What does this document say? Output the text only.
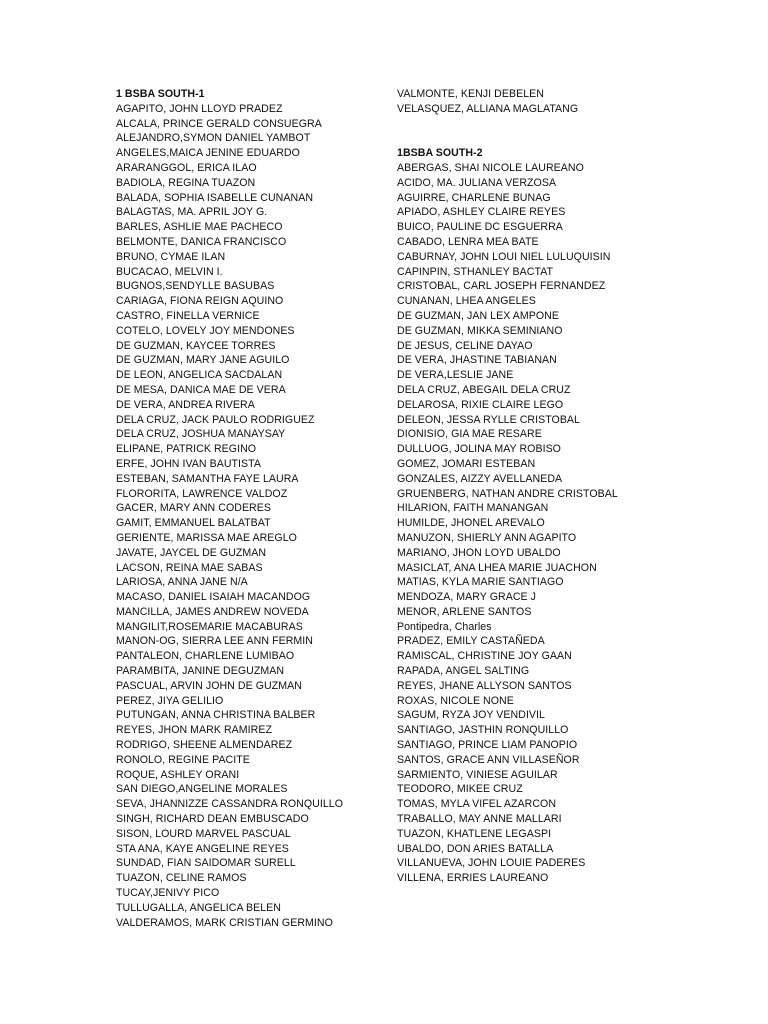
1 BSBA SOUTH-1
AGAPITO, JOHN LLOYD PRADEZ
ALCALA, PRINCE GERALD CONSUEGRA
ALEJANDRO,SYMON DANIEL YAMBOT
ANGELES,MAICA JENINE EDUARDO
ARARANGGOL, ERICA ILAO
BADIOLA, REGINA TUAZON
BALADA, SOPHIA ISABELLE CUNANAN
BALAGTAS, MA. APRIL JOY G.
BARLES, ASHLIE MAE PACHECO
BELMONTE, DANICA FRANCISCO
BRUNO, CYMAE ILAN
BUCACAO, MELVIN I.
BUGNOS,SENDYLLE BASUBAS
CARIAGA, FIONA REIGN AQUINO
CASTRO, FINELLA VERNICE
COTELO, LOVELY JOY MENDONES
DE GUZMAN, KAYCEE TORRES
DE GUZMAN, MARY JANE AGUILO
DE LEON, ANGELICA SACDALAN
DE MESA, DANICA MAE DE VERA
DE VERA, ANDREA RIVERA
DELA CRUZ, JACK PAULO RODRIGUEZ
DELA CRUZ, JOSHUA MANAYSAY
ELIPANE, PATRICK REGINO
ERFE, JOHN IVAN BAUTISTA
ESTEBAN, SAMANTHA FAYE LAURA
FLORORITA, LAWRENCE VALDOZ
GACER, MARY ANN CODERES
GAMIT, EMMANUEL BALATBAT
GERIENTE, MARISSA MAE AREGLO
JAVATE, JAYCEL DE GUZMAN
LACSON, REINA MAE SABAS
LARIOSA, ANNA JANE N/A
MACASO, DANIEL ISAIAH MACANDOG
MANCILLA, JAMES ANDREW NOVEDA
MANGILIT,ROSEMARIE MACABURAS
MANON-OG, SIERRA LEE ANN FERMIN
PANTALEON, CHARLENE LUMIBAO
PARAMBITA, JANINE DEGUZMAN
PASCUAL, ARVIN JOHN DE GUZMAN
PEREZ, JIYA GELILIO
PUTUNGAN, ANNA CHRISTINA BALBER
REYES, JHON MARK RAMIREZ
RODRIGO, SHEENE ALMENDAREZ
RONOLO, REGINE PACITE
ROQUE, ASHLEY ORANI
SAN DIEGO,ANGELINE MORALES
SEVA, JHANNIZZE CASSANDRA RONQUILLO
SINGH, RICHARD DEAN EMBUSCADO
SISON, LOURD MARVEL PASCUAL
STA ANA, KAYE ANGELINE REYES
SUNDAD, FIAN SAIDOMAR SURELL
TUAZON, CELINE RAMOS
TUCAY,JENIVY PICO
TULLUGALLA, ANGELICA BELEN
VALDERAMOS, MARK CRISTIAN GERMINO
VALMONTE, KENJI DEBELEN
VELASQUEZ, ALLIANA MAGLATANG
1BSBA SOUTH-2
ABERGAS, SHAI NICOLE LAUREANO
ACIDO, MA. JULIANA VERZOSA
AGUIRRE, CHARLENE BUNAG
APIADO, ASHLEY CLAIRE REYES
BUICO, PAULINE DC ESGUERRA
CABADO, LENRA MEA BATE
CABURNAY, JOHN LOUI NIEL LULUQUISIN
CAPINPIN, STHANLEY BACTAT
CRISTOBAL, CARL JOSEPH FERNANDEZ
CUNANAN, LHEA ANGELES
DE GUZMAN, JAN LEX AMPONE
DE GUZMAN, MIKKA SEMINIANO
DE JESUS, CELINE DAYAO
DE VERA, JHASTINE TABIANAN
DE VERA,LESLIE JANE
DELA CRUZ, ABEGAIL DELA CRUZ
DELAROSA, RIXIE CLAIRE LEGO
DELEON, JESSA RYLLE CRISTOBAL
DIONISIO, GIA MAE RESARE
DULLUOG, JOLINA MAY ROBISO
GOMEZ, JOMARI ESTEBAN
GONZALES, AIZZY AVELLANEDA
GRUENBERG, NATHAN ANDRE CRISTOBAL
HILARION, FAITH MANANGAN
HUMILDE, JHONEL AREVALO
MANUZON, SHIERLY ANN AGAPITO
MARIANO, JHON LOYD UBALDO
MASICLAT, ANA LHEA MARIE JUACHON
MATIAS, KYLA MARIE SANTIAGO
MENDOZA, MARY GRACE J
MENOR, ARLENE SANTOS
Pontipedra, Charles
PRADEZ, EMILY CASTAÑEDA
RAMISCAL, CHRISTINE JOY GAAN
RAPADA, ANGEL SALTING
REYES, JHANE ALLYSON SANTOS
ROXAS, NICOLE NONE
SAGUM, RYZA JOY VENDIVIL
SANTIAGO, JASTHIN RONQUILLO
SANTIAGO, PRINCE LIAM PANOPIO
SANTOS, GRACE ANN VILLASEÑOR
SARMIENTO, VINIESE AGUILAR
TEODORO, MIKEE CRUZ
TOMAS, MYLA VIFEL AZARCON
TRABALLO, MAY ANNE MALLARI
TUAZON, KHATLENE LEGASPI
UBALDO, DON ARIES BATALLA
VILLANUEVA, JOHN LOUIE PADERES
VILLENA, ERRIES LAUREANO
